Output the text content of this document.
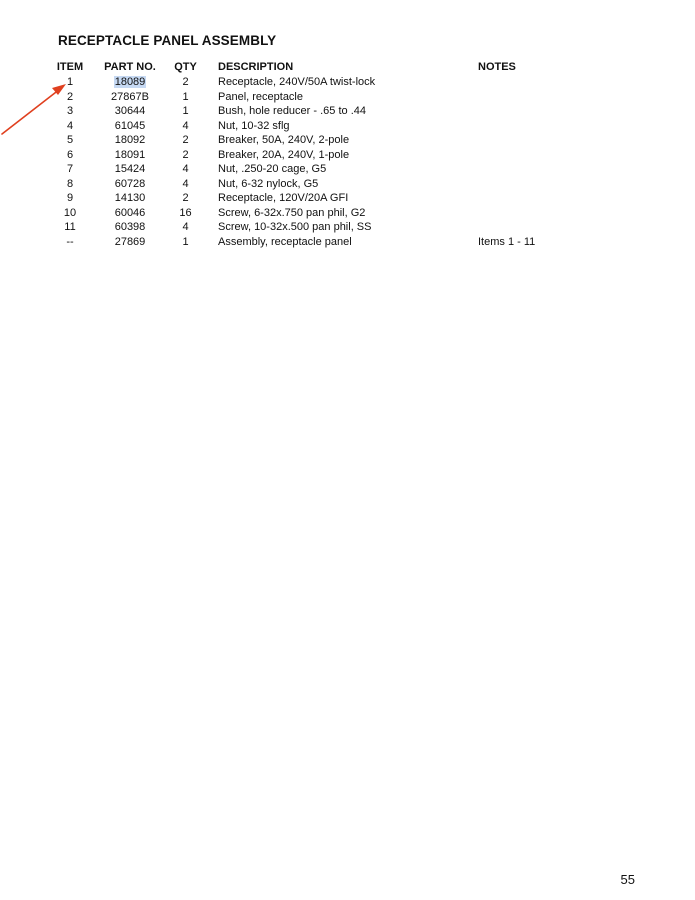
RECEPTACLE PANEL ASSEMBLY
ITEM	PART NO.	QTY	DESCRIPTION	NOTES
1	18089	2	Receptacle, 240V/50A twist-lock	
2	27867B	1	Panel, receptacle	
3	30644	1	Bush, hole reducer - .65 to .44	
4	61045	4	Nut, 10-32 sflg	
5	18092	2	Breaker, 50A, 240V, 2-pole	
6	18091	2	Breaker, 20A, 240V, 1-pole	
7	15424	4	Nut, .250-20 cage, G5	
8	60728	4	Nut, 6-32 nylock, G5	
9	14130	2	Receptacle, 120V/20A GFI	
10	60046	16	Screw, 6-32x.750 pan phil, G2	
11	60398	4	Screw, 10-32x.500 pan phil, SS	
--	27869	1	Assembly, receptacle panel	Items 1 - 11
55
